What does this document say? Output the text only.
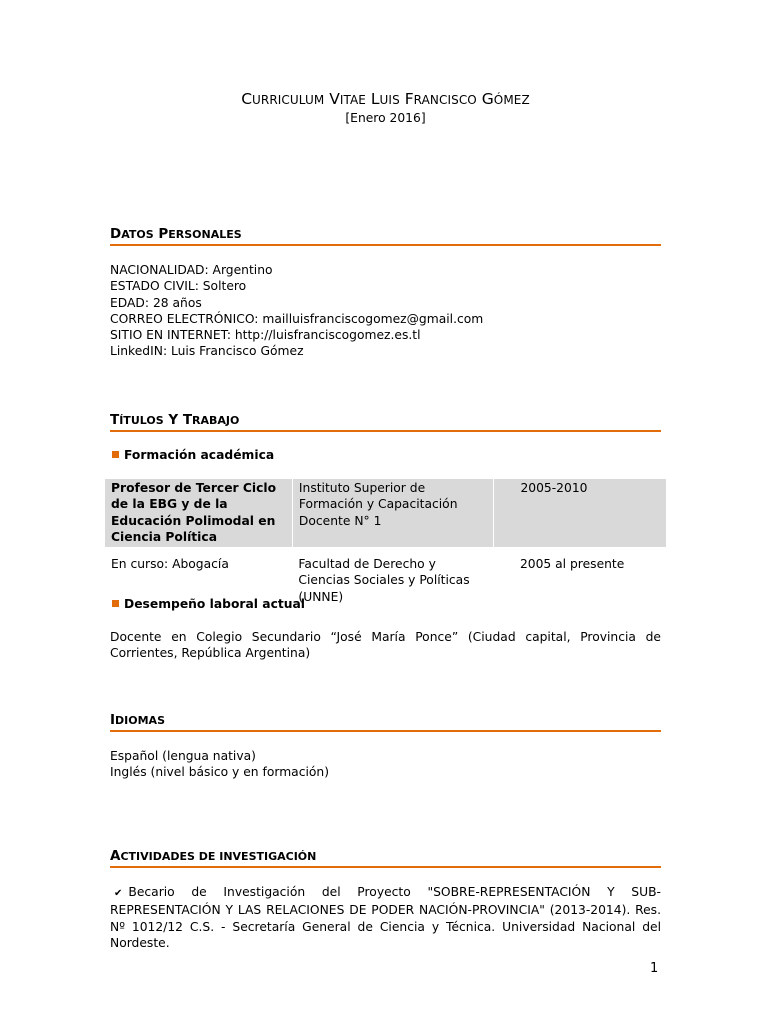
CURRICULUM VITAE LUIS FRANCISCO GÓMEZ
[Enero 2016]
DATOS PERSONALES
NACIONALIDAD: Argentino
ESTADO CIVIL: Soltero
EDAD: 28 años
CORREO ELECTRÓNICO: mailluisfranciscogomez@gmail.com
SITIO EN INTERNET: http://luisfranciscogomez.es.tl
LinkedIN: Luis Francisco Gómez
TÍTULOS Y TRABAJO
Formación académica
Profesor de Tercer Ciclo de la EBG y de la Educación Polimodal en Ciencia Política	Instituto Superior de Formación y Capacitación Docente N° 1	2005-2010

En curso: Abogacía	Facultad de Derecho y Ciencias Sociales y Políticas (UNNE)	2005 al presente
Desempeño laboral actual
Docente en Colegio Secundario “José María Ponce” (Ciudad capital, Provincia de Corrientes, República Argentina)
IDIOMAS
Español (lengua nativa)
Inglés (nivel básico y en formación)
ACTIVIDADES DE INVESTIGACIÓN
✔ Becario de Investigación del Proyecto "SOBRE-REPRESENTACIÓN Y SUB-REPRESENTACIÓN Y LAS RELACIONES DE PODER NACIÓN-PROVINCIA" (2013-2014). Res. Nº 1012/12 C.S. - Secretaría General de Ciencia y Técnica. Universidad Nacional del Nordeste.
1
